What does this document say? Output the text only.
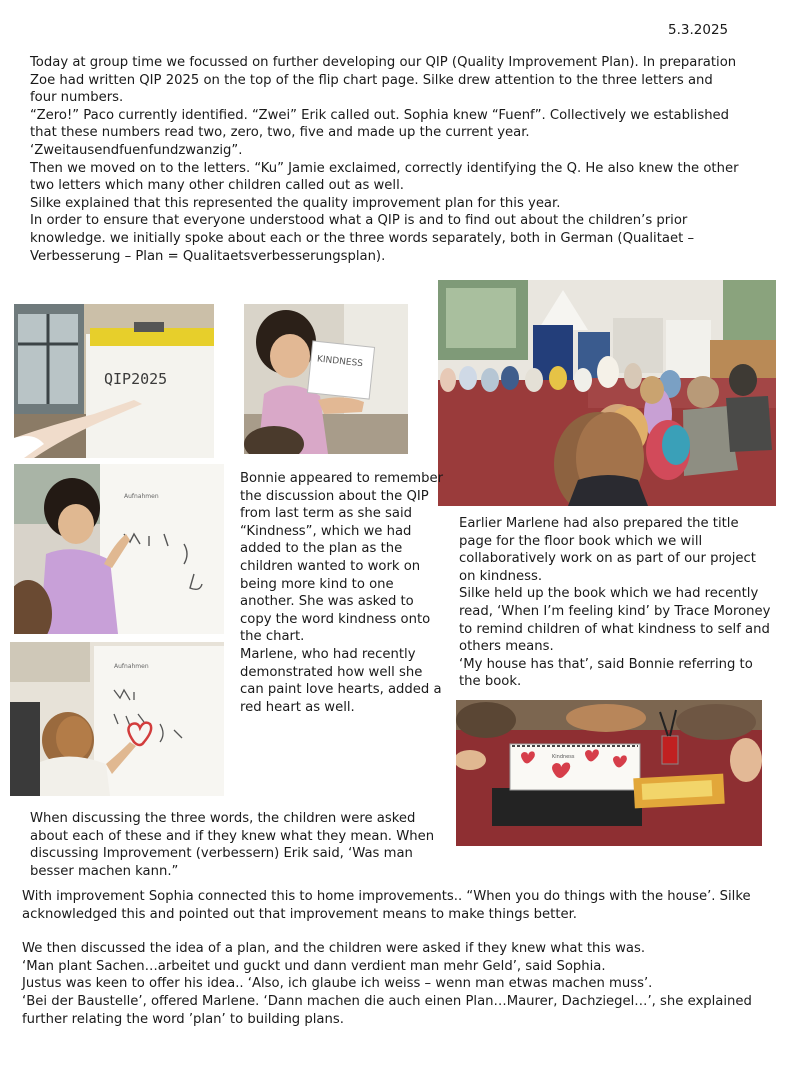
5.3.2025
Today at group time we focussed on further developing our QIP (Quality Improvement Plan). In preparation Zoe had written QIP 2025 on the top of the flip chart page. Silke drew attention to the three letters and four numbers.
“Zero!” Paco currently identified. “Zwei” Erik called out. Sophia knew “Fuenf”. Collectively we established that these numbers read two, zero, two, five and made up the current year. ‘Zweitausendfuenfundzwanzig”.
Then we moved on to the letters. “Ku” Jamie exclaimed, correctly identifying the Q. He also knew the other two letters which many other children called out as well.
Silke explained that this represented the quality improvement plan for this year.
In order to ensure that everyone understood what a QIP is and to find out about the children’s prior knowledge. we initially spoke about each or the three words separately, both in German (Qualitaet – Verbesserung – Plan = Qualitaetsverbesserungsplan).
QIP2025
KINDNESS
Aufnahmen
Aufnahmen
Kindness
Bonnie appeared to remember the discussion about the QIP from last term as she said “Kindness”, which we had added to the plan as the children wanted to work on being more kind to one another. She was asked to copy the word kindness onto the chart.
Marlene, who had recently demonstrated how well she can paint love hearts, added a red heart as well.
Earlier Marlene had also prepared the title page for the floor book which we will collaboratively work on as part of our project on kindness.
Silke held up the book which we had recently read, ‘When I’m feeling kind’ by Trace Moroney to remind children of what kindness to self and others means.
‘My house has that’, said Bonnie referring to the book.
When discussing the three words, the children were asked about each of these and if they knew what they mean. When discussing Improvement (verbessern) Erik said, ‘Was man besser machen kann.”
With improvement Sophia connected this to home improvements.. “When you do things with the house’. Silke acknowledged this and pointed out that improvement means to make things better.
We then discussed the idea of a plan, and the children were asked if they knew what this was.
‘Man plant Sachen…arbeitet und guckt und dann verdient man mehr Geld’, said Sophia.
Justus was keen to offer his idea.. ‘Also, ich glaube ich weiss – wenn man etwas machen muss’.
‘Bei der Baustelle’, offered Marlene. ‘Dann machen die auch einen Plan…Maurer, Dachziegel…’, she explained further relating the word ’plan’ to building plans.
